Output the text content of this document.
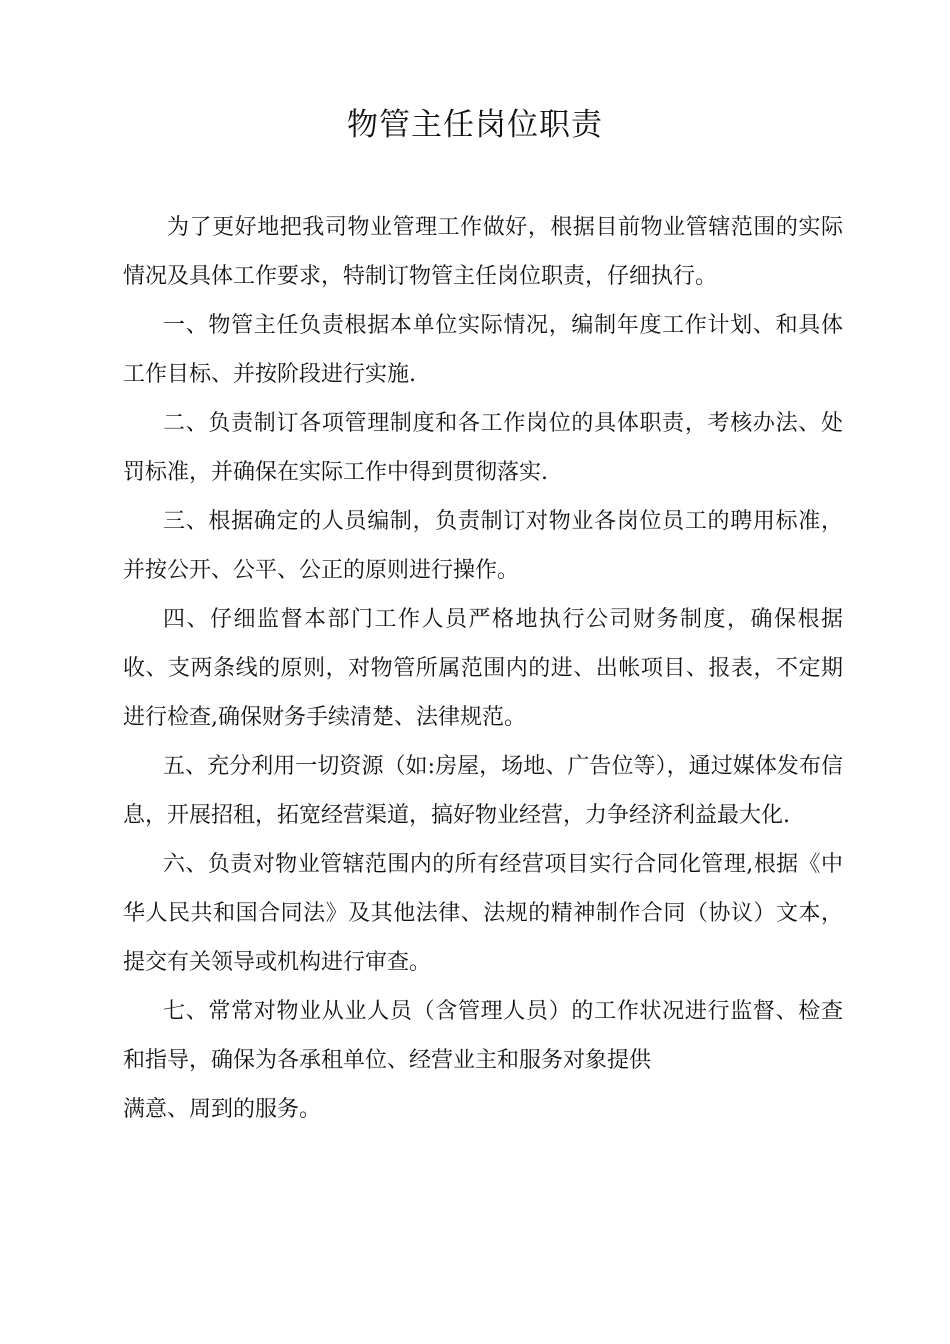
物管主任岗位职责

为了更好地把我司物业管理工作做好，根据目前物业管辖范围的实际情况及具体工作要求，特制订物管主任岗位职责，仔细执行。

一、物管主任负责根据本单位实际情况，编制年度工作计划、和具体工作目标、并按阶段进行实施.

二、负责制订各项管理制度和各工作岗位的具体职责，考核办法、处罚标准，并确保在实际工作中得到贯彻落实.

三、根据确定的人员编制，负责制订对物业各岗位员工的聘用标准，并按公开、公平、公正的原则进行操作。

四、仔细监督本部门工作人员严格地执行公司财务制度，确保根据收、支两条线的原则，对物管所属范围内的进、出帐项目、报表，不定期进行检查,确保财务手续清楚、法律规范。

五、充分利用一切资源（如:房屋，场地、广告位等），通过媒体发布信息，开展招租，拓宽经营渠道，搞好物业经营，力争经济利益最大化.

六、负责对物业管辖范围内的所有经营项目实行合同化管理,根据《中华人民共和国合同法》及其他法律、法规的精神制作合同（协议）文本，提交有关领导或机构进行审查。

七、常常对物业从业人员（含管理人员）的工作状况进行监督、检查和指导，确保为各承租单位、经营业主和服务对象提供

满意、周到的服务。
